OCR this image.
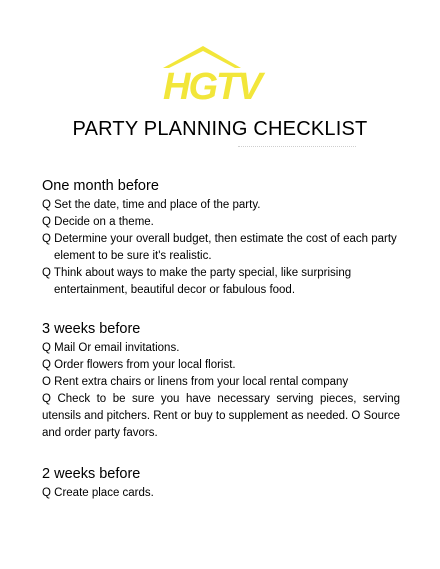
HGTV
PARTY PLANNING CHECKLIST
One month before
Q Set the date, time and place of the party.
Q Decide on a theme.
Q Determine your overall budget, then estimate the cost of each party element to be sure it's realistic.
Q Think about ways to make the party special, like surprising entertainment, beautiful decor or fabulous food.
3 weeks before
Q Mail Or email invitations.
Q Order flowers from your local florist.
O Rent extra chairs or linens from your local rental company
Q Check to be sure you have necessary serving pieces, serving utensils and pitchers. Rent or buy to supplement as needed. O Source and order party favors.
2 weeks before
Q Create place cards.
